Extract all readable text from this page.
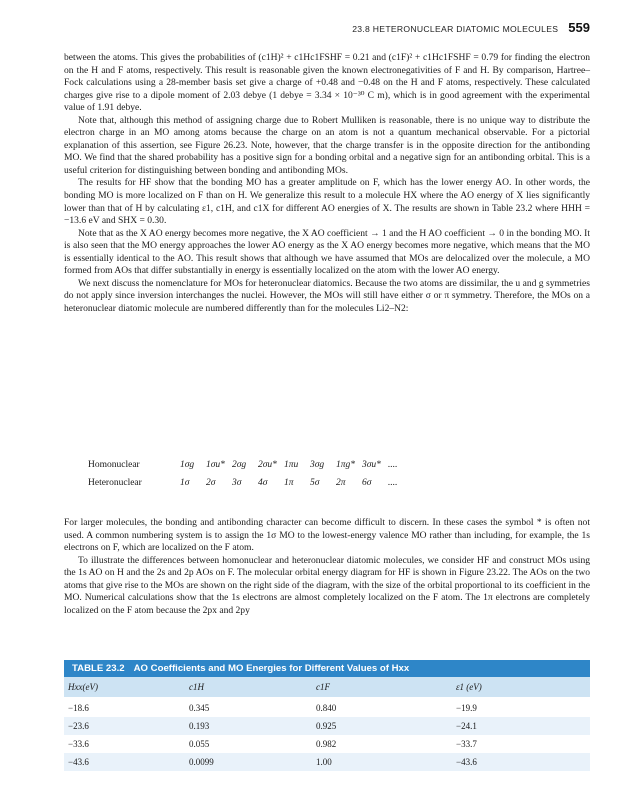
23.8 HETERONUCLEAR DIATOMIC MOLECULES 559

between the atoms. This gives the probabilities of (c1H)² + c1Hc1FSHF = 0.21 and (c1F)² + c1Hc1FSHF = 0.79 for finding the electron on the H and F atoms, respectively. This result is reasonable given the known electronegativities of F and H. By comparison, Hartree–Fock calculations using a 28-member basis set give a charge of +0.48 and −0.48 on the H and F atoms, respectively. These calculated charges give rise to a dipole moment of 2.03 debye (1 debye = 3.34 × 10⁻³⁰ C m), which is in good agreement with the experimental value of 1.91 debye.

Note that, although this method of assigning charge due to Robert Mulliken is reasonable, there is no unique way to distribute the electron charge in an MO among atoms because the charge on an atom is not a quantum mechanical observable. For a pictorial explanation of this assertion, see Figure 26.23. Note, however, that the charge transfer is in the opposite direction for the antibonding MO. We find that the shared probability has a positive sign for a bonding orbital and a negative sign for an antibonding orbital. This is a useful criterion for distinguishing between bonding and antibonding MOs.

The results for HF show that the bonding MO has a greater amplitude on F, which has the lower energy AO. In other words, the bonding MO is more localized on F than on H. We generalize this result to a molecule HX where the AO energy of X lies significantly lower than that of H by calculating ε1, c1H, and c1X for different AO energies of X. The results are shown in Table 23.2 where HHH = −13.6 eV and SHX = 0.30.

Note that as the X AO energy becomes more negative, the X AO coefficient → 1 and the H AO coefficient → 0 in the bonding MO. It is also seen that the MO energy approaches the lower AO energy as the X AO energy becomes more negative, which means that the MO is essentially identical to the AO. This result shows that although we have assumed that MOs are delocalized over the molecule, a MO formed from AOs that differ substantially in energy is essentially localized on the atom with the lower AO energy.

We next discuss the nomenclature for MOs for heteronuclear diatomics. Because the two atoms are dissimilar, the u and g symmetries do not apply since inversion interchanges the nuclei. However, the MOs will still have either σ or π symmetry. Therefore, the MOs on a heteronuclear diatomic molecule are numbered differently than for the molecules Li2–N2:

Homonuclear	1σg	1σu* 2σg	2σu* 1πu	3σg	1πg* 3σu* ....
Heteronuclear	1σ	2σ	3σ	4σ	1π	5σ	2π	6σ	....

For larger molecules, the bonding and antibonding character can become difficult to discern. In these cases the symbol * is often not used. A common numbering system is to assign the 1σ MO to the lowest-energy valence MO rather than including, for example, the 1s electrons on F, which are localized on the F atom.

To illustrate the differences between homonuclear and heteronuclear diatomic molecules, we consider HF and construct MOs using the 1s AO on H and the 2s and 2p AOs on F. The molecular orbital energy diagram for HF is shown in Figure 23.22. The AOs on the two atoms that give rise to the MOs are shown on the right side of the diagram, with the size of the orbital proportional to its coefficient in the MO. Numerical calculations show that the 1s electrons are almost completely localized on the F atom. The 1π electrons are completely localized on the F atom because the 2px and 2py

TABLE 23.2 AO Coefficients and MO Energies for Different Values of Hxx
Hxx(eV)	c1H	c1F	ε1 (eV)
−18.6	0.345	0.840	−19.9
−23.6	0.193	0.925	−24.1
−33.6	0.055	0.982	−33.7
−43.6	0.0099	1.00	−43.6
